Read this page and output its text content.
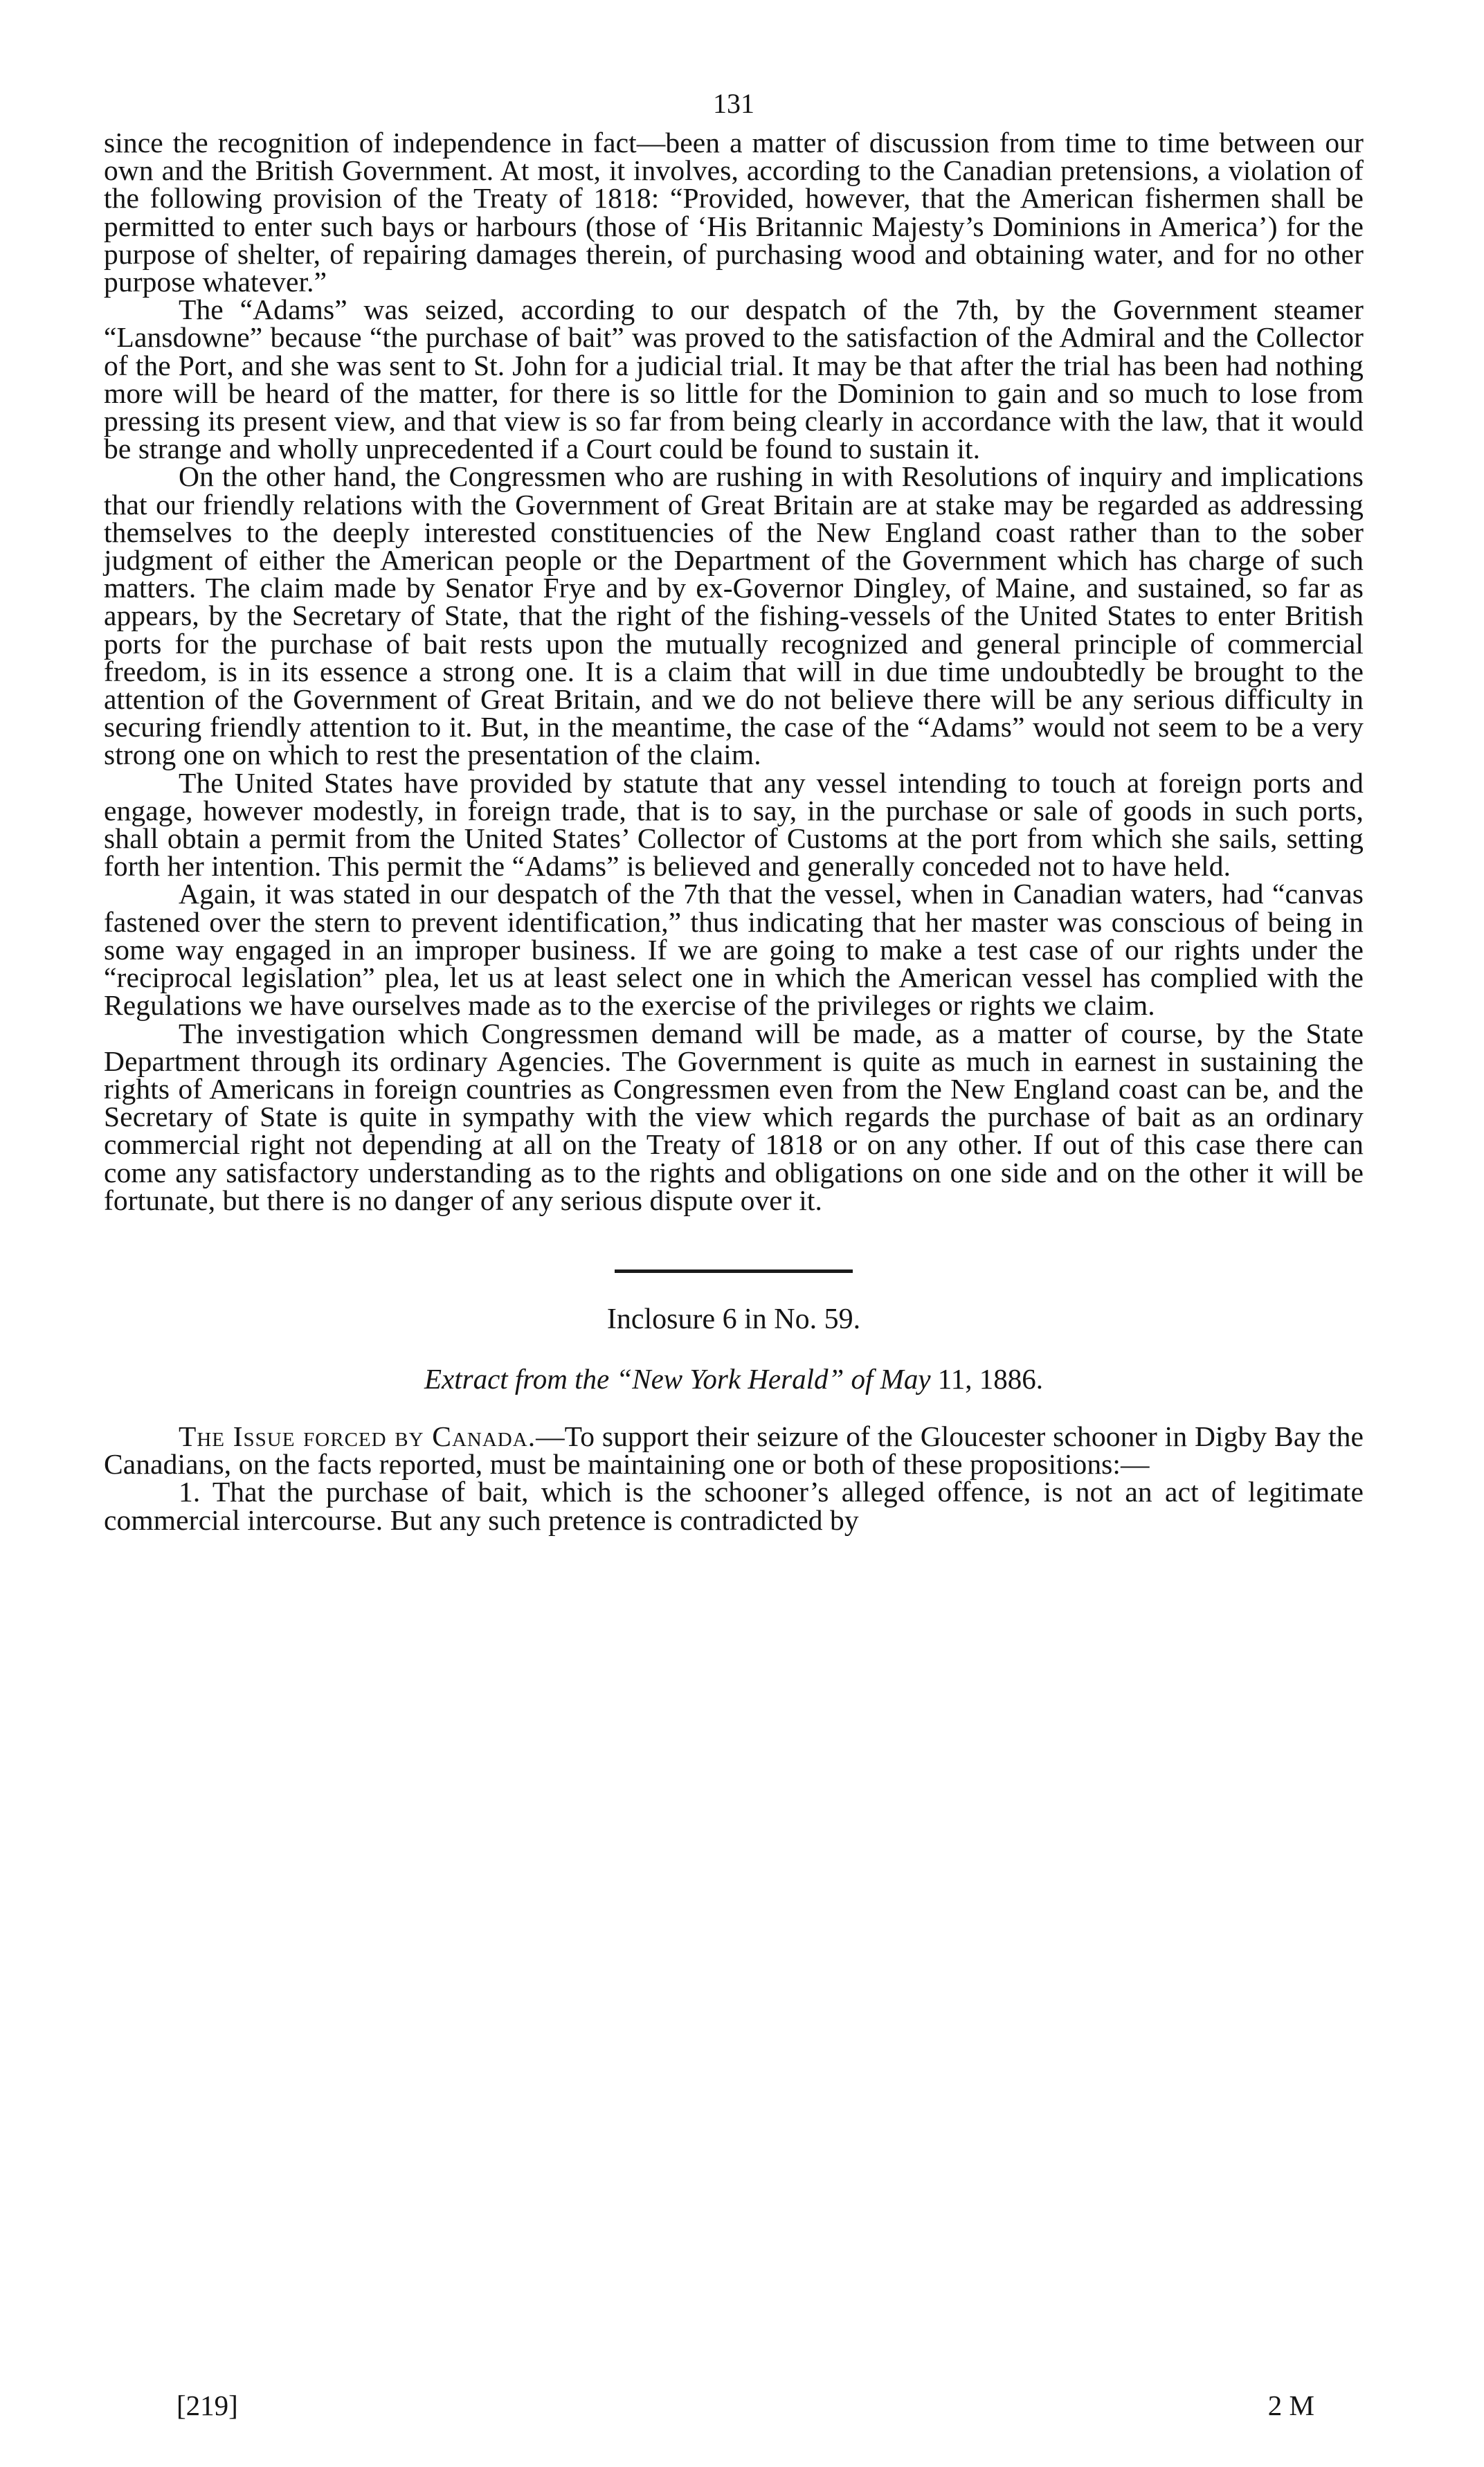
131

since the recognition of independence in fact—been a matter of discussion from time to time between our own and the British Government. At most, it involves, according to the Canadian pretensions, a violation of the following provision of the Treaty of 1818: “Provided, however, that the American fishermen shall be permitted to enter such bays or harbours (those of ‘His Britannic Majesty’s Dominions in America’) for the purpose of shelter, of repairing damages therein, of purchasing wood and obtaining water, and for no other purpose whatever.”

The “Adams” was seized, according to our despatch of the 7th, by the Government steamer “Lansdowne” because “the purchase of bait” was proved to the satisfaction of the Admiral and the Collector of the Port, and she was sent to St. John for a judicial trial. It may be that after the trial has been had nothing more will be heard of the matter, for there is so little for the Dominion to gain and so much to lose from pressing its present view, and that view is so far from being clearly in accordance with the law, that it would be strange and wholly unprecedented if a Court could be found to sustain it.

On the other hand, the Congressmen who are rushing in with Resolutions of inquiry and implications that our friendly relations with the Government of Great Britain are at stake may be regarded as addressing themselves to the deeply interested constituencies of the New England coast rather than to the sober judgment of either the American people or the Department of the Government which has charge of such matters. The claim made by Senator Frye and by ex-Governor Dingley, of Maine, and sustained, so far as appears, by the Secretary of State, that the right of the fishing-vessels of the United States to enter British ports for the purchase of bait rests upon the mutually recognized and general principle of commercial freedom, is in its essence a strong one. It is a claim that will in due time undoubtedly be brought to the attention of the Government of Great Britain, and we do not believe there will be any serious difficulty in securing friendly attention to it. But, in the meantime, the case of the “Adams” would not seem to be a very strong one on which to rest the presentation of the claim.

The United States have provided by statute that any vessel intending to touch at foreign ports and engage, however modestly, in foreign trade, that is to say, in the purchase or sale of goods in such ports, shall obtain a permit from the United States’ Collector of Customs at the port from which she sails, setting forth her intention. This permit the “Adams” is believed and generally conceded not to have held.

Again, it was stated in our despatch of the 7th that the vessel, when in Canadian waters, had “canvas fastened over the stern to prevent identification,” thus indicating that her master was conscious of being in some way engaged in an improper business. If we are going to make a test case of our rights under the “reciprocal legislation” plea, let us at least select one in which the American vessel has complied with the Regulations we have ourselves made as to the exercise of the privileges or rights we claim.

The investigation which Congressmen demand will be made, as a matter of course, by the State Department through its ordinary Agencies. The Government is quite as much in earnest in sustaining the rights of Americans in foreign countries as Congressmen even from the New England coast can be, and the Secretary of State is quite in sympathy with the view which regards the purchase of bait as an ordinary commercial right not depending at all on the Treaty of 1818 or on any other. If out of this case there can come any satisfactory understanding as to the rights and obligations on one side and on the other it will be fortunate, but there is no danger of any serious dispute over it.

Inclosure 6 in No. 59.
Extract from the “New York Herald” of May 11, 1886.

The Issue forced by Canada.—To support their seizure of the Gloucester schooner in Digby Bay the Canadians, on the facts reported, must be maintaining one or both of these propositions:—

1. That the purchase of bait, which is the schooner’s alleged offence, is not an act of legitimate commercial intercourse. But any such pretence is contradicted by

[219]	2 M
